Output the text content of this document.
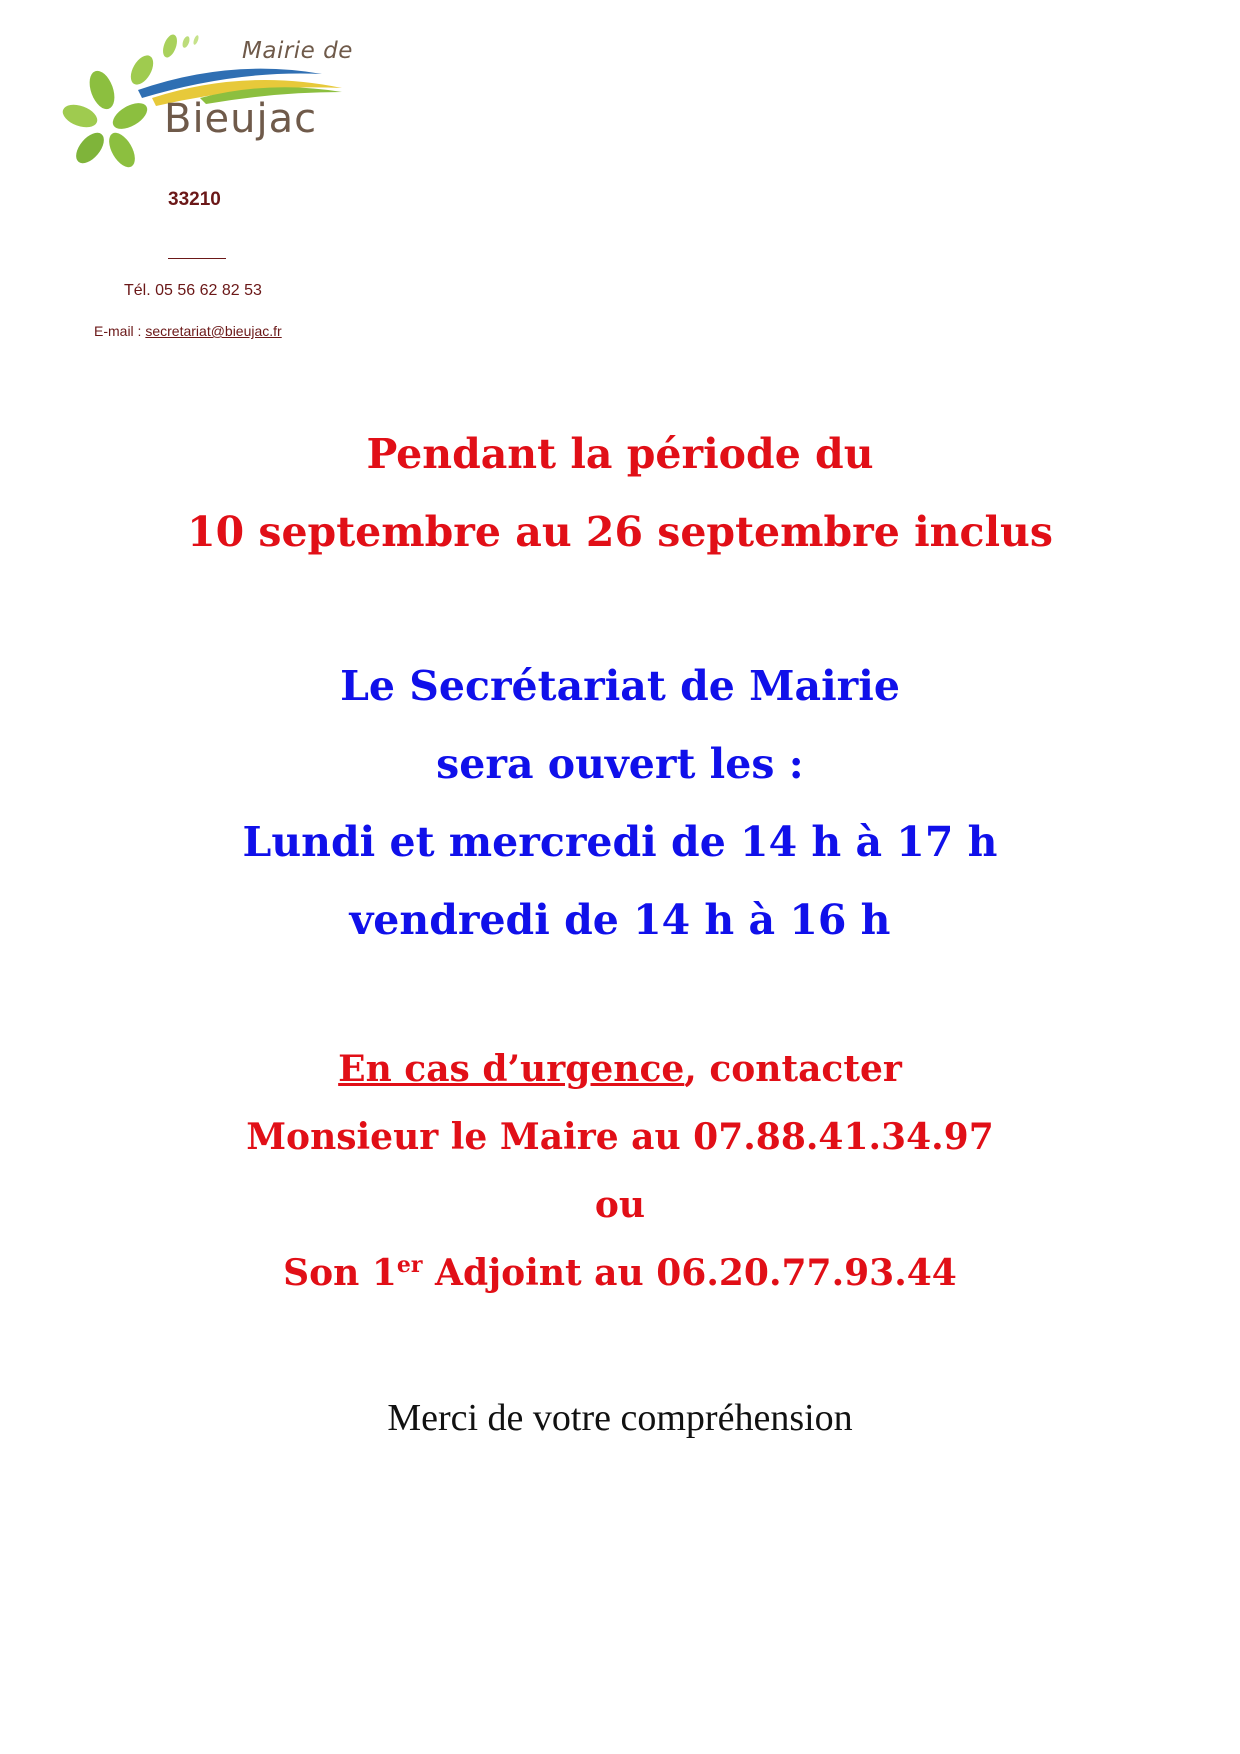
Mairie de
Bieujac
33210
Tél. 05 56 62 82 53
E-mail : secretariat@bieujac.fr
Pendant la période du
10 septembre au 26 septembre inclus
Le Secrétariat de Mairie
sera ouvert les :
Lundi et mercredi de 14 h à 17 h
vendredi de 14 h à 16 h
En cas d’urgence, contacter
Monsieur le Maire au 07.88.41.34.97
ou
Son 1er Adjoint au 06.20.77.93.44
Merci de votre compréhension
